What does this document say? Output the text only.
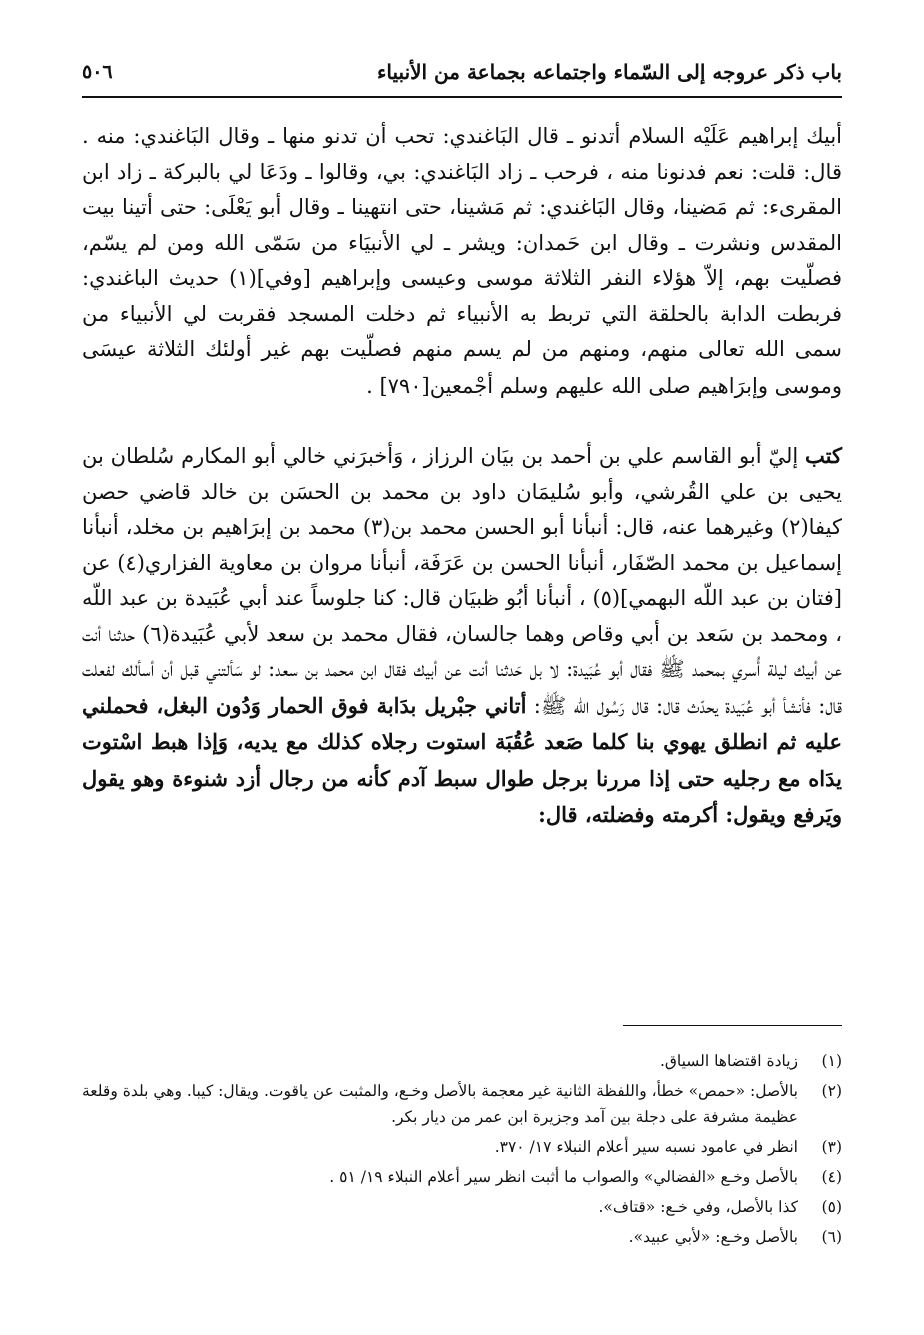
باب ذكر عروجه إلى السّماء واجتماعه بجماعة من الأنبياء
٥٠٦

أبيك إبراهيم عَلَيْه السلام أتدنو ـ قال البَاغندي: تحب أن تدنو منها ـ وقال البَاغندي: منه . قال: قلت: نعم فدنونا منه ، فرحب ـ زاد البَاغندي: بي، وقالوا ـ ودَعَا لي بالبركة ـ زاد ابن المقرىء: ثم مَضينا، وقال البَاغندي: ثم مَشينا، حتى انتهينا ـ وقال أبو يَعْلَى: حتى أتينا بيت المقدس ونشرت ـ وقال ابن حَمدان: ويشر ـ لي الأنبيَاء من سَمّى الله ومن لم يسّم، فصلّيت بهم، إلاّ هؤلاء النفر الثلاثة موسى وعيسى وإبراهيم [وفي](١) حديث الباغندي: فربطت الدابة بالحلقة التي تربط به الأنبياء ثم دخلت المسجد فقربت لي الأنبياء من سمى الله تعالى منهم، ومنهم من لم يسم منهم فصلّيت بهم غير أولئك الثلاثة عيسَى وموسى وإبرَاهيم صلى الله عليهم وسلم أجْمعين[٧٩٠] .

كتب إليّ أبو القاسم علي بن أحمد بن بيَان الرزاز ، وَأخبرَني خالي أبو المكارم سُلطان بن يحيى بن علي القُرشي، وأبو سُليمَان داود بن محمد بن الحسَن بن خالد قاضي حصن كيفا(٢) وغيرهما عنه، قال: أنبأنا أبو الحسن محمد بن(٣) محمد بن إبرَاهيم بن مخلد، أنبأنا إسماعيل بن محمد الصّفَار، أنبأنا الحسن بن عَرَفَة، أنبأنا مروان بن معاوية الفزاري(٤) عن [فتان بن عبد اللّه البهمي](٥) ، أنبأنا أبُو ظبيَان قال: كنا جلوساً عند أبي عُبَيدة بن عبد اللّه ، ومحمد بن سَعد بن أبي وقاص وهما جالسان، فقال محمد بن سعد لأبي عُبَيدة(٦) حدثنا أنت عن أبيك ليلة أُسري بمحمد ﷺ فقال أبو عُبَيدة: لا بل حَدثنا أنت عن أبيك فقال ابن محمد بن سعد: لو سَألتني قبل أن أسألك لفعلت قال: فأنشأ أبو عُبَيدة يحدّث قال: قال رَسُول الله ﷺ: أتاني جبْريل بدَابة فوق الحمار وَدُون البغل، فحملني عليه ثم انطلق يهوي بنا كلما صَعد عُقُبَة استوت رجلاه كذلك مع يديه، وَإذا هبط اسْتوت يدَاه مع رجليه حتى إذا مررنا برجل طوال سبط آدم كأنه من رجال أزد شنوءة وهو يقول ويَرفع ويقول: أكرمته وفضلته، قال:

(١)
زيادة اقتضاها السياق.
(٢)
بالأصل: «حمص» خطأ، واللفظة الثانية غير معجمة بالأصل وخـع، والمثبت عن ياقوت. ويقال: كيبا. وهي بلدة وقلعة عظيمة مشرفة على دجلة بين آمد وجزيرة ابن عمر من ديار بكر.
(٣)
انظر في عامود نسبه سير أعلام النبلاء ١٧/ ٣٧٠.
(٤)
بالأصل وخـع «الفضالي» والصواب ما أثبت انظر سير أعلام النبلاء ١٩/ ٥١ .
(٥)
كذا بالأصل، وفي خـع: «قتاف».
(٦)
بالأصل وخـع: «لأبي عبيد».
